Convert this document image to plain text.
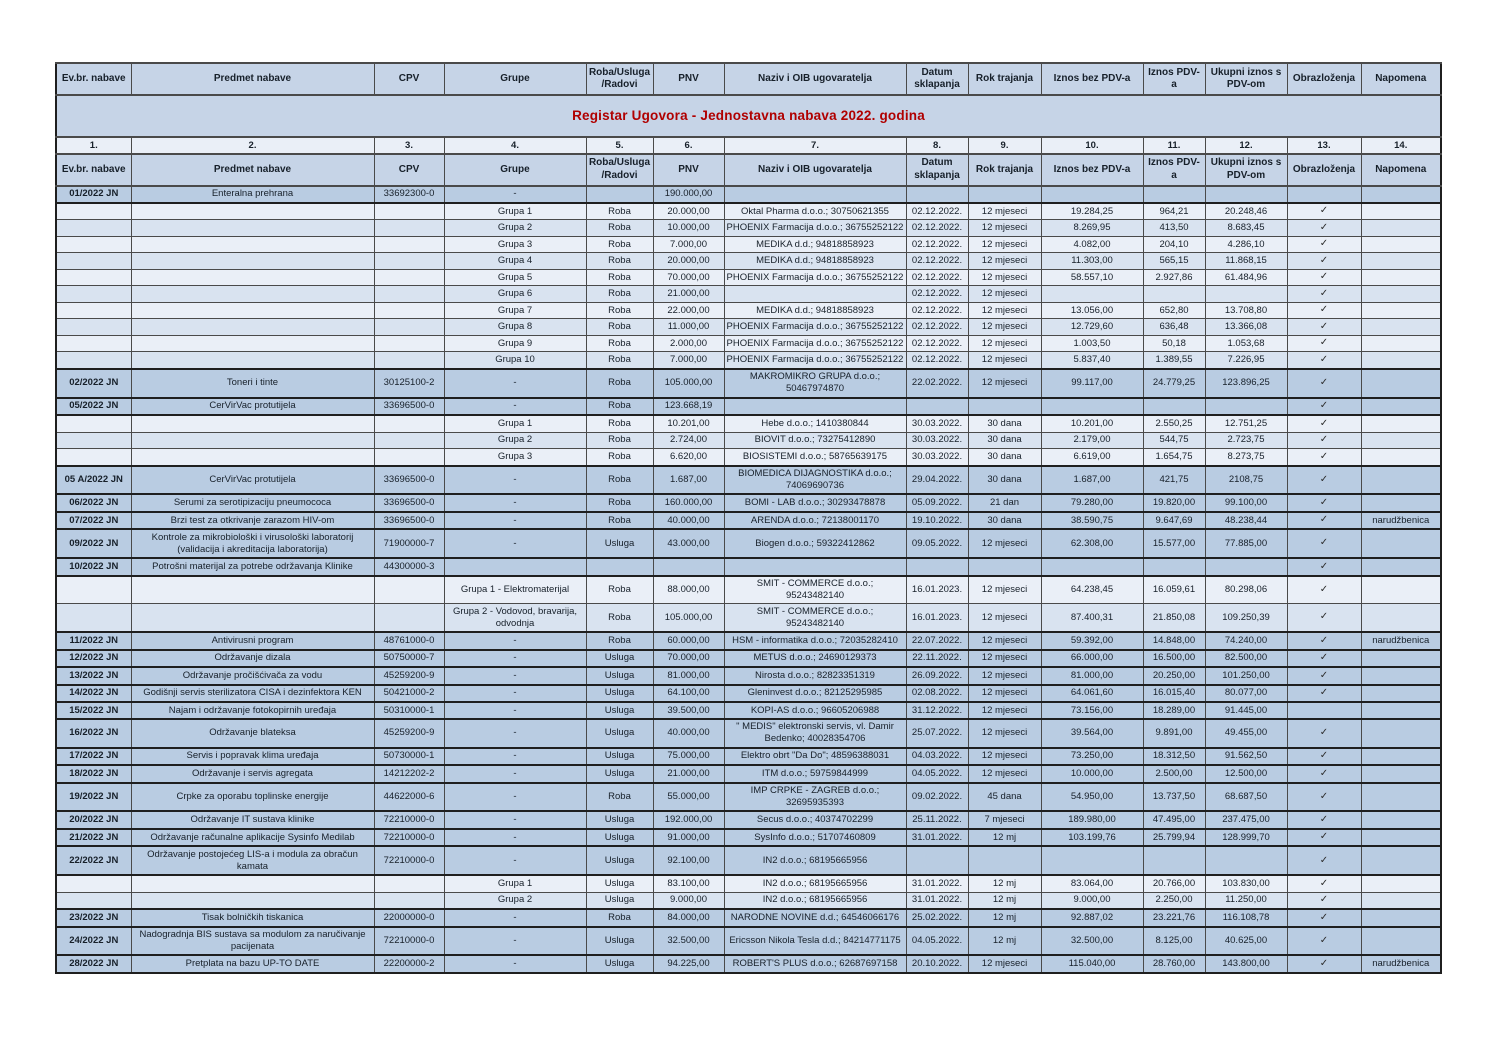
Ev.br. nabave	Predmet nabave	CPV	Grupe	Roba/Usluga/Radovi	PNV	Naziv i OIB ugovaratelja	Datum sklapanja	Rok trajanja	Iznos bez PDV-a	Iznos PDV-a	Ukupni iznos s PDV-om	Obrazloženja	Napomena
Registar Ugovora - Jednostavna nabava 2022. godina													
1.	2.	3.	4.	5.	6.	7.	8.	9.	10.	11.	12.	13.	14.
Ev.br. nabave	Predmet nabave	CPV	Grupe	Roba/Usluga/Radovi	PNV	Naziv i OIB ugovaratelja	Datum sklapanja	Rok trajanja	Iznos bez PDV-a	Iznos PDV-a	Ukupni iznos s PDV-om	Obrazloženja	Napomena
01/2022 JN	Enteralna prehrana	33692300-0	-		190.000,00								
			Grupa 1	Roba	20.000,00	Oktal Pharma d.o.o.; 30750621355	02.12.2022.	12 mjeseci	19.284,25	964,21	20.248,46	✓	
			Grupa 2	Roba	10.000,00	PHOENIX Farmacija d.o.o.; 36755252122	02.12.2022.	12 mjeseci	8.269,95	413,50	8.683,45	✓	
			Grupa 3	Roba	7.000,00	MEDIKA d.d.; 94818858923	02.12.2022.	12 mjeseci	4.082,00	204,10	4.286,10	✓	
			Grupa 4	Roba	20.000,00	MEDIKA d.d.; 94818858923	02.12.2022.	12 mjeseci	11.303,00	565,15	11.868,15	✓	
			Grupa 5	Roba	70.000,00	PHOENIX Farmacija d.o.o.; 36755252122	02.12.2022.	12 mjeseci	58.557,10	2.927,86	61.484,96	✓	
			Grupa 6	Roba	21.000,00		02.12.2022.	12 mjeseci				✓	
			Grupa 7	Roba	22.000,00	MEDIKA d.d.; 94818858923	02.12.2022.	12 mjeseci	13.056,00	652,80	13.708,80	✓	
			Grupa 8	Roba	11.000,00	PHOENIX Farmacija d.o.o.; 36755252122	02.12.2022.	12 mjeseci	12.729,60	636,48	13.366,08	✓	
			Grupa 9	Roba	2.000,00	PHOENIX Farmacija d.o.o.; 36755252122	02.12.2022.	12 mjeseci	1.003,50	50,18	1.053,68	✓	
			Grupa 10	Roba	7.000,00	PHOENIX Farmacija d.o.o.; 36755252122	02.12.2022.	12 mjeseci	5.837,40	1.389,55	7.226,95	✓	
02/2022 JN	Toneri i tinte	30125100-2	-	Roba	105.000,00	MAKROMIKRO GRUPA d.o.o.; 50467974870	22.02.2022.	12 mjeseci	99.117,00	24.779,25	123.896,25	✓	
05/2022 JN	CerVirVac protutijela	33696500-0	-	Roba	123.668,19							✓	
			Grupa 1	Roba	10.201,00	Hebe d.o.o.; 1410380844	30.03.2022.	30 dana	10.201,00	2.550,25	12.751,25	✓	
			Grupa 2	Roba	2.724,00	BIOVIT d.o.o.; 73275412890	30.03.2022.	30 dana	2.179,00	544,75	2.723,75	✓	
			Grupa 3	Roba	6.620,00	BIOSISTEMI d.o.o.; 58765639175	30.03.2022.	30 dana	6.619,00	1.654,75	8.273,75	✓	
05 A/2022 JN	CerVirVac protutijela	33696500-0	-	Roba	1.687,00	BIOMEDICA DIJAGNOSTIKA d.o.o.; 74069690736	29.04.2022.	30 dana	1.687,00	421,75	2108,75	✓	
06/2022 JN	Serumi za serotipizaciju pneumococa	33696500-0	-	Roba	160.000,00	BOMI - LAB d.o.o.; 30293478878	05.09.2022.	21 dan	79.280,00	19.820,00	99.100,00	✓	
07/2022 JN	Brzi test za otkrivanje zarazom HIV-om	33696500-0	-	Roba	40.000,00	ARENDA d.o.o.; 72138001170	19.10.2022.	30 dana	38.590,75	9.647,69	48.238,44	✓	narudžbenica
09/2022 JN	Kontrole za mikrobiološki i virusološki laboratorij (validacija i akreditacija laboratorija)	71900000-7	-	Usluga	43.000,00	Biogen d.o.o.; 59322412862	09.05.2022.	12 mjeseci	62.308,00	15.577,00	77.885,00	✓	
10/2022 JN	Potrošni materijal za potrebe održavanja Klinike	44300000-3										✓	
			Grupa 1 - Elektromaterijal	Roba	88.000,00	SMIT - COMMERCE d.o.o.; 95243482140	16.01.2023.	12 mjeseci	64.238,45	16.059,61	80.298,06	✓	
			Grupa 2 - Vodovod, bravarija, odvodnja	Roba	105.000,00	SMIT - COMMERCE d.o.o.; 95243482140	16.01.2023.	12 mjeseci	87.400,31	21.850,08	109.250,39	✓	
11/2022 JN	Antivirusni program	48761000-0	-	Roba	60.000,00	HSM - informatika d.o.o.; 72035282410	22.07.2022.	12 mjeseci	59.392,00	14.848,00	74.240,00	✓	narudžbenica
12/2022 JN	Održavanje dizala	50750000-7	-	Usluga	70.000,00	METUS d.o.o.; 24690129373	22.11.2022.	12 mjeseci	66.000,00	16.500,00	82.500,00	✓	
13/2022 JN	Održavanje pročišćivača za vodu	45259200-9	-	Usluga	81.000,00	Nirosta d.o.o.; 82823351319	26.09.2022.	12 mjeseci	81.000,00	20.250,00	101.250,00	✓	
14/2022 JN	Godišnji servis sterilizatora CISA i dezinfektora KEN	50421000-2	-	Usluga	64.100,00	Gleninvest d.o.o.; 82125295985	02.08.2022.	12 mjeseci	64.061,60	16.015,40	80.077,00	✓	
15/2022 JN	Najam i održavanje fotokopirnih uređaja	50310000-1	-	Usluga	39.500,00	KOPI-AS d.o.o.; 96605206988	31.12.2022.	12 mjeseci	73.156,00	18.289,00	91.445,00		
16/2022 JN	Održavanje blateksa	45259200-9	-	Usluga	40.000,00	" MEDIS" elektronski servis, vl. Damir Bedenko; 40028354706	25.07.2022.	12 mjeseci	39.564,00	9.891,00	49.455,00	✓	
17/2022 JN	Servis i popravak klima uređaja	50730000-1	-	Usluga	75.000,00	Elektro obrt "Da Do"; 48596388031	04.03.2022.	12 mjeseci	73.250,00	18.312,50	91.562,50	✓	
18/2022 JN	Održavanje i servis agregata	14212202-2	-	Usluga	21.000,00	ITM d.o.o.; 59759844999	04.05.2022.	12 mjeseci	10.000,00	2.500,00	12.500,00	✓	
19/2022 JN	Crpke za oporabu toplinske energije	44622000-6	-	Roba	55.000,00	IMP CRPKE - ZAGREB d.o.o.; 32695935393	09.02.2022.	45 dana	54.950,00	13.737,50	68.687,50	✓	
20/2022 JN	Održavanje IT sustava klinike	72210000-0	-	Usluga	192.000,00	Secus d.o.o.; 40374702299	25.11.2022.	7 mjeseci	189.980,00	47.495,00	237.475,00	✓	
21/2022 JN	Održavanje računalne aplikacije Sysinfo Medilab	72210000-0	-	Usluga	91.000,00	SysInfo d.o.o.; 51707460809	31.01.2022.	12 mj	103.199,76	25.799,94	128.999,70	✓	
22/2022 JN	Održavanje postojećeg LIS-a i modula za obračun kamata	72210000-0	-	Usluga	92.100,00	IN2 d.o.o.; 68195665956						✓	
			Grupa 1	Usluga	83.100,00	IN2 d.o.o.; 68195665956	31.01.2022.	12 mj	83.064,00	20.766,00	103.830,00	✓	
			Grupa 2	Usluga	9.000,00	IN2 d.o.o.; 68195665956	31.01.2022.	12 mj	9.000,00	2.250,00	11.250,00	✓	
23/2022 JN	Tisak bolničkih tiskanica	22000000-0	-	Roba	84.000,00	NARODNE NOVINE d.d.; 64546066176	25.02.2022.	12 mj	92.887,02	23.221,76	116.108,78	✓	
24/2022 JN	Nadogradnja BIS sustava sa modulom za naručivanje pacijenata	72210000-0	-	Usluga	32.500,00	Ericsson Nikola Tesla d.d.; 84214771175	04.05.2022.	12 mj	32.500,00	8.125,00	40.625,00	✓	
28/2022 JN	Pretplata na bazu UP-TO DATE	22200000-2	-	Usluga	94.225,00	ROBERT'S PLUS d.o.o.; 62687697158	20.10.2022.	12 mjeseci	115.040,00	28.760,00	143.800,00	✓	narudžbenica
